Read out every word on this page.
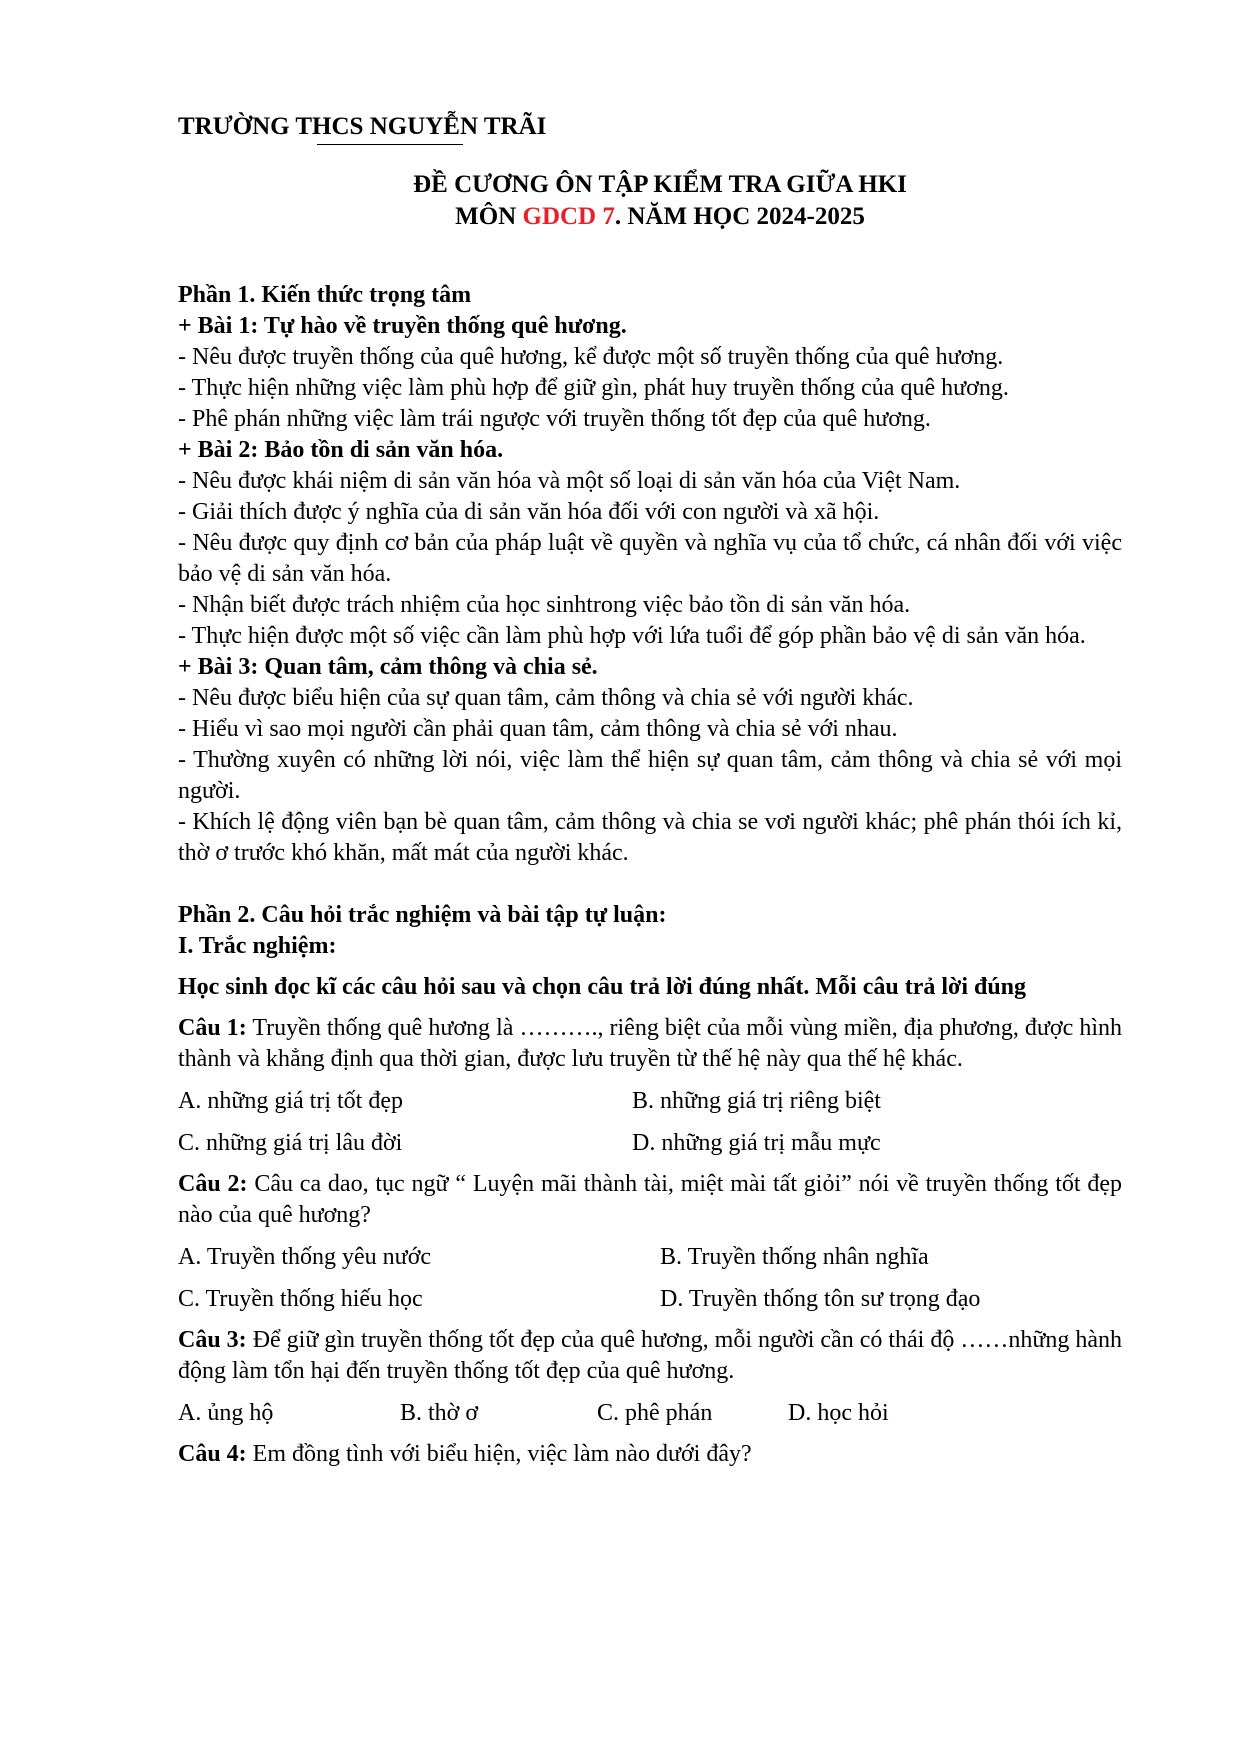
TRƯỜNG THCS NGUYỄN TRÃI

ĐỀ CƯƠNG ÔN TẬP KIỂM TRA GIỮA HKI

MÔN GDCD 7. NĂM HỌC 2024-2025

Phần 1. Kiến thức trọng tâm

+ Bài 1: Tự hào về truyền thống quê hương.

- Nêu được truyền thống của quê hương, kể được một số truyền thống của quê hương.

- Thực hiện những việc làm phù hợp để giữ gìn, phát huy truyền thống của quê hương.

- Phê phán những việc làm trái ngược với truyền thống tốt đẹp của quê hương.

+ Bài 2: Bảo tồn di sản văn hóa.

- Nêu được khái niệm di sản văn hóa và một số loại di sản văn hóa của Việt Nam.

- Giải thích được ý nghĩa của di sản văn hóa đối với con người và xã hội.

- Nêu được quy định cơ bản của pháp luật về quyền và nghĩa vụ của tổ chức, cá nhân đối với việc bảo vệ di sản văn hóa.

- Nhận biết được trách nhiệm của học sinhtrong việc bảo tồn di sản văn hóa.

- Thực hiện được một số việc cần làm phù hợp với lứa tuổi để góp phần bảo vệ di sản văn hóa.

+ Bài 3: Quan tâm, cảm thông và chia sẻ.

- Nêu được biểu hiện của sự quan tâm, cảm thông và chia sẻ với người khác.

- Hiểu vì sao mọi người cần phải quan tâm, cảm thông và chia sẻ với nhau.

- Thường xuyên có những lời nói, việc làm thể hiện sự quan tâm, cảm thông và chia sẻ với mọi người.

- Khích lệ động viên bạn bè quan tâm, cảm thông và chia se vơi người khác; phê phán thói ích kỉ, thờ ơ trước khó khăn, mất mát của người khác.

Phần 2. Câu hỏi trắc nghiệm và bài tập tự luận:

I. Trắc nghiệm:

Học sinh đọc kĩ các câu hỏi sau và chọn câu trả lời đúng nhất. Mỗi câu trả lời đúng

Câu 1: Truyền thống quê hương là ………., riêng biệt của mỗi vùng miền, địa phương, được hình thành và khẳng định qua thời gian, được lưu truyền từ thế hệ này qua thế hệ khác.

A. những giá trị tốt đẹp	B. những giá trị riêng biệt
C. những giá trị lâu đời	D. những giá trị mẫu mực

Câu 2: Câu ca dao, tục ngữ “ Luyện mãi thành tài, miệt mài tất giỏi” nói về truyền thống tốt đẹp nào của quê hương?

A. Truyền thống yêu nước	B. Truyền thống nhân nghĩa
C. Truyền thống hiếu học	D. Truyền thống tôn sư trọng đạo

Câu 3: Để giữ gìn truyền thống tốt đẹp của quê hương, mỗi người cần có thái độ ……những hành động làm tổn hại đến truyền thống tốt đẹp của quê hương.

A. ủng hộ	B. thờ ơ	C. phê phán	D. học hỏi

Câu 4: Em đồng tình với biểu hiện, việc làm nào dưới đây?
